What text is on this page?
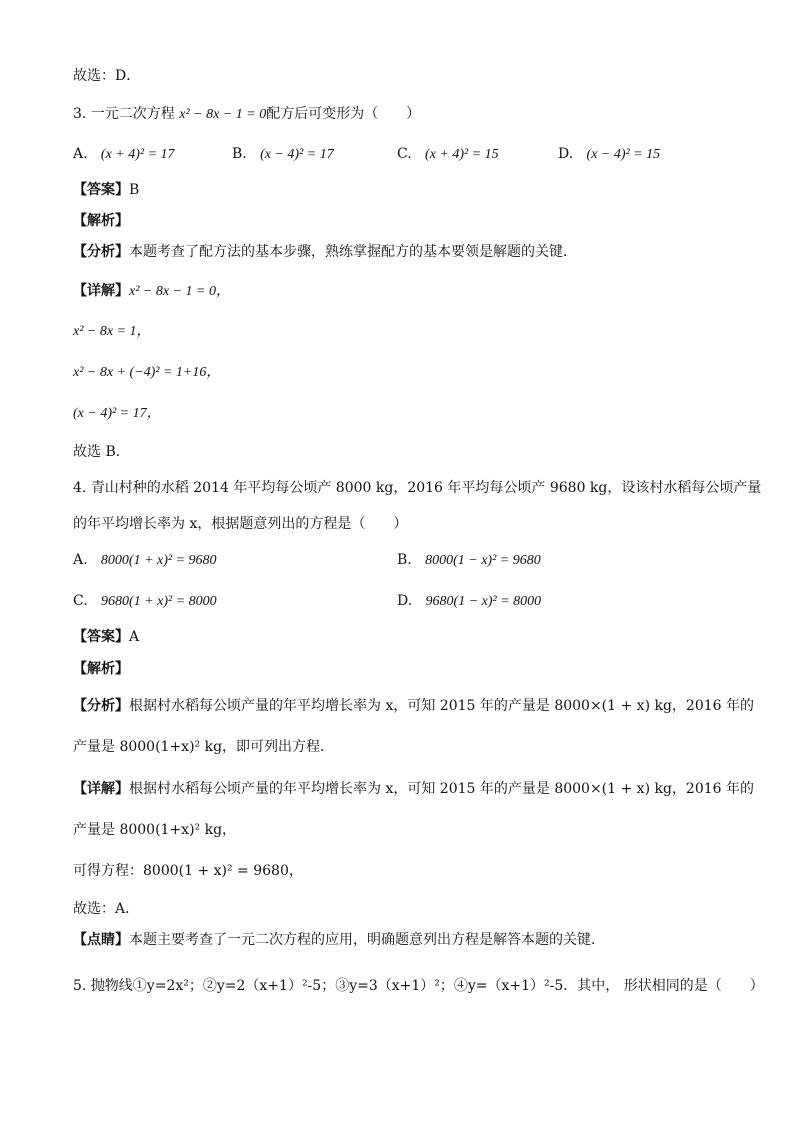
故选：D．
3. 一元二次方程 x² − 8x − 1 = 0配方后可变形为（　　）
A. (x + 4)² = 17	B. (x − 4)² = 17	C. (x + 4)² = 15	D. (x − 4)² = 15
【答案】B
【解析】
【分析】本题考查了配方法的基本步骤，熟练掌握配方的基本要领是解题的关键．
【详解】x² − 8x − 1 = 0，
x² − 8x = 1，
x² − 8x + (−4)² = 1+16，
(x − 4)² = 17，
故选 B．
4. 青山村种的水稻 2014 年平均每公顷产 8000 kg，2016 年平均每公顷产 9680 kg，设该村水稻每公顷产量
的年平均增长率为 x，根据题意列出的方程是（　　）
A. 8000(1 + x)² = 9680	B. 8000(1 − x)² = 9680
C. 9680(1 + x)² = 8000	D. 9680(1 − x)² = 8000
【答案】A
【解析】
【分析】根据村水稻每公顷产量的年平均增长率为 x，可知 2015 年的产量是 8000×(1 + x) kg，2016 年的
产量是 8000(1+x)² kg，即可列出方程．
【详解】根据村水稻每公顷产量的年平均增长率为 x，可知 2015 年的产量是 8000×(1 + x) kg，2016 年的
产量是 8000(1+x)² kg，
可得方程：8000(1 + x)² = 9680，
故选：A．
【点睛】本题主要考查了一元二次方程的应用，明确题意列出方程是解答本题的关键．
5. 抛物线①y=2x²；②y=2（x+1）²-5；③y=3（x+1）²；④y=（x+1）²-5．其中， 形状相同的是（　　）
